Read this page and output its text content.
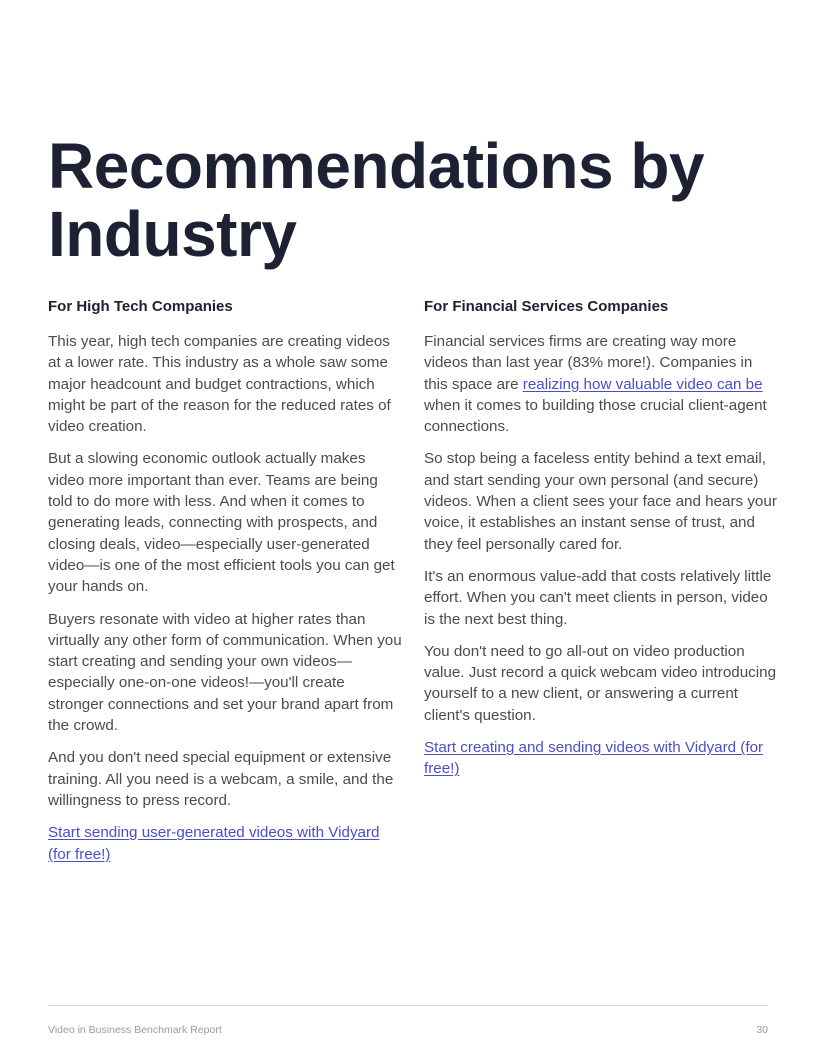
Recommendations by Industry
For High Tech Companies

This year, high tech companies are creating videos at a lower rate. This industry as a whole saw some major headcount and budget contractions, which might be part of the reason for the reduced rates of video creation.

But a slowing economic outlook actually makes video more important than ever. Teams are being told to do more with less. And when it comes to generating leads, connecting with prospects, and closing deals, video—especially user-generated video—is one of the most efficient tools you can get your hands on.

Buyers resonate with video at higher rates than virtually any other form of communication. When you start creating and sending your own videos—especially one-on-one videos!—you'll create stronger connections and set your brand apart from the crowd.

And you don't need special equipment or extensive training. All you need is a webcam, a smile, and the willingness to press record.

Start sending user-generated videos with Vidyard (for free!)

For Financial Services Companies

Financial services firms are creating way more videos than last year (83% more!). Companies in this space are realizing how valuable video can be when it comes to building those crucial client-agent connections.

So stop being a faceless entity behind a text email, and start sending your own personal (and secure) videos. When a client sees your face and hears your voice, it establishes an instant sense of trust, and they feel personally cared for.

It's an enormous value-add that costs relatively little effort. When you can't meet clients in person, video is the next best thing.

You don't need to go all-out on video production value. Just record a quick webcam video introducing yourself to a new client, or answering a current client's question.

Start creating and sending videos with Vidyard (for free!)

Video in Business Benchmark Report	30
